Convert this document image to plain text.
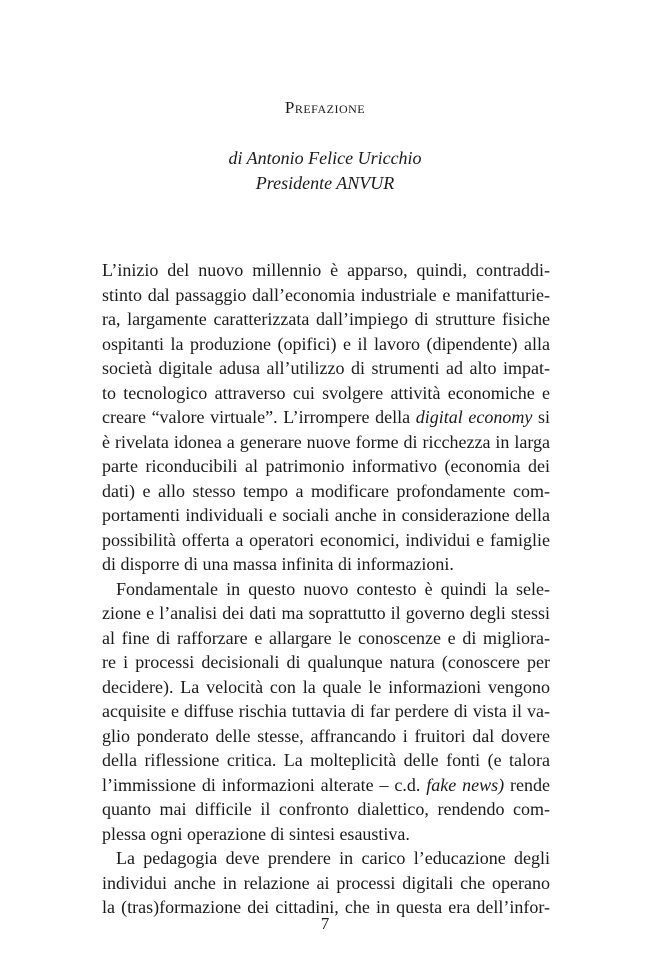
Prefazione
di Antonio Felice Uricchio
Presidente ANVUR

L’inizio del nuovo millennio è apparso, quindi, contraddi-
stinto dal passaggio dall’economia industriale e manifatturie-
ra, largamente caratterizzata dall’impiego di strutture fisiche
ospitanti la produzione (opifici) e il lavoro (dipendente) alla
società digitale adusa all’utilizzo di strumenti ad alto impat-
to tecnologico attraverso cui svolgere attività economiche e
creare “valore virtuale”. L’irrompere della digital economy si
è rivelata idonea a generare nuove forme di ricchezza in larga
parte riconducibili al patrimonio informativo (economia dei
dati) e allo stesso tempo a modificare profondamente com-
portamenti individuali e sociali anche in considerazione della
possibilità offerta a operatori economici, individui e famiglie
di disporre di una massa infinita di informazioni.

Fondamentale in questo nuovo contesto è quindi la sele-
zione e l’analisi dei dati ma soprattutto il governo degli stessi
al fine di rafforzare e allargare le conoscenze e di migliora-
re i processi decisionali di qualunque natura (conoscere per
decidere). La velocità con la quale le informazioni vengono
acquisite e diffuse rischia tuttavia di far perdere di vista il va-
glio ponderato delle stesse, affrancando i fruitori dal dovere
della riflessione critica. La molteplicità delle fonti (e talora
l’immissione di informazioni alterate – c.d. fake news) rende
quanto mai difficile il confronto dialettico, rendendo com-
plessa ogni operazione di sintesi esaustiva.

La pedagogia deve prendere in carico l’educazione degli
individui anche in relazione ai processi digitali che operano
la (tras)formazione dei cittadini, che in questa era dell’infor-

7
